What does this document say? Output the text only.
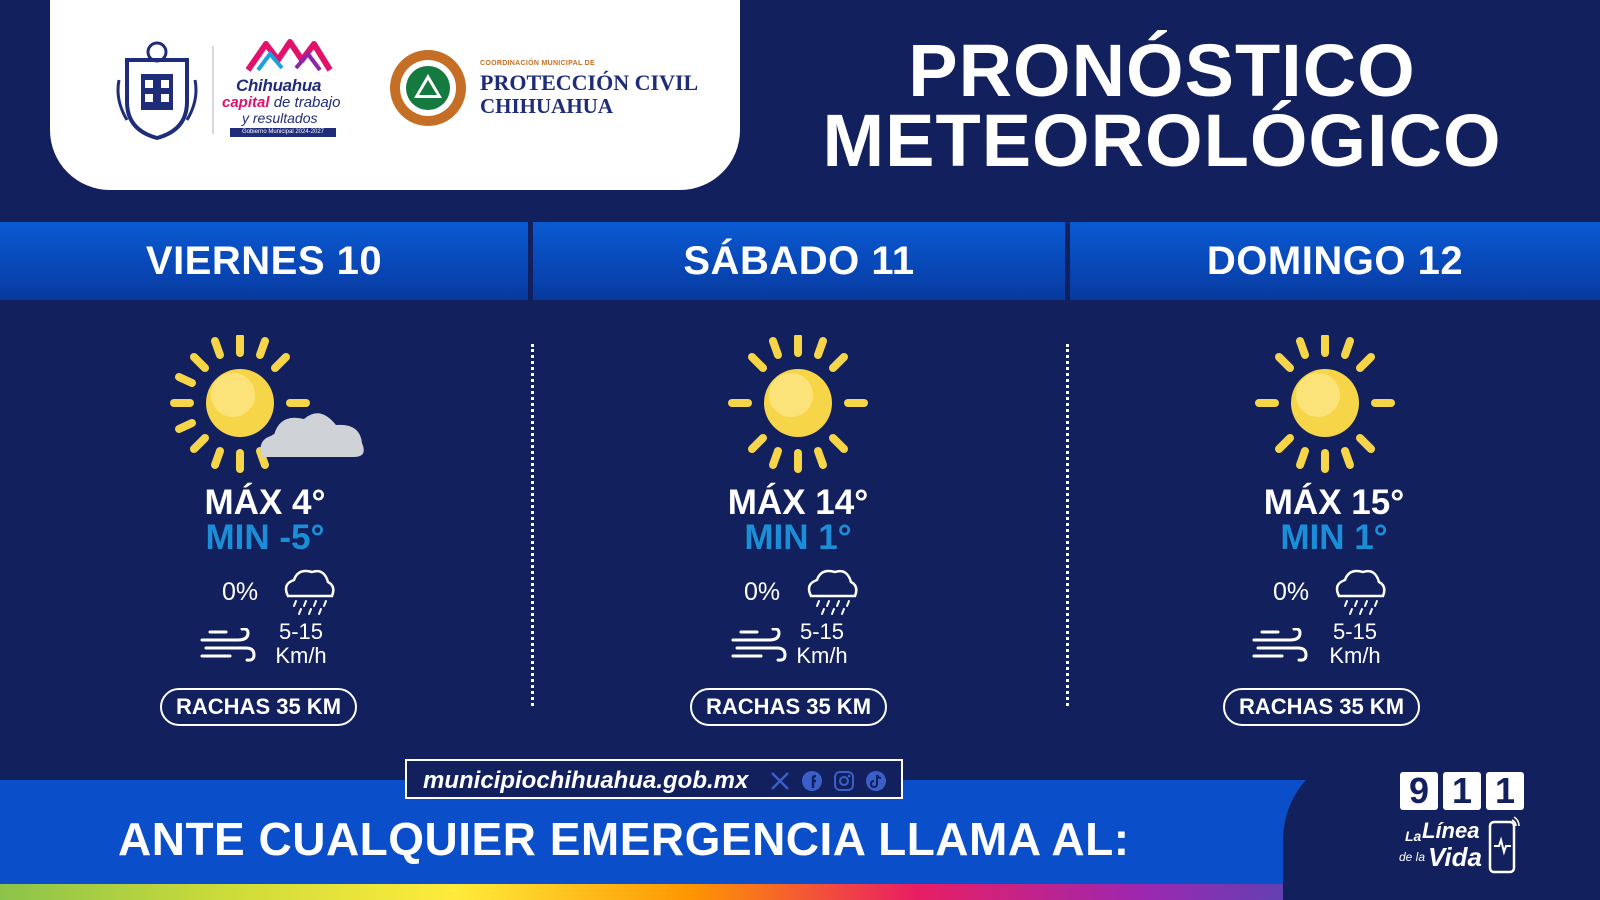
Chihuahua
capital de trabajo
y resultados
Gobierno Municipal 2024-2027
COORDINACIÓN MUNICIPAL DE
PROTECCIÓN CIVIL
CHIHUAHUA	PRONÓSTICO
METEOROLÓGICO
VIERNES 10	SÁBADO 11	DOMINGO 12
MÁX 4°
MIN -5°
0%
5-15
Km/h
RACHAS 35 KM
MÁX 14°
MIN 1°
0%
5-15
Km/h
RACHAS 35 KM
MÁX 15°
MIN 1°
0%
5-15
Km/h
RACHAS 35 KM
municipiochihuahua.gob.mx
ANTE CUALQUIER EMERGENCIA LLAMA AL:
9 1 1
La Línea
de la Vida
